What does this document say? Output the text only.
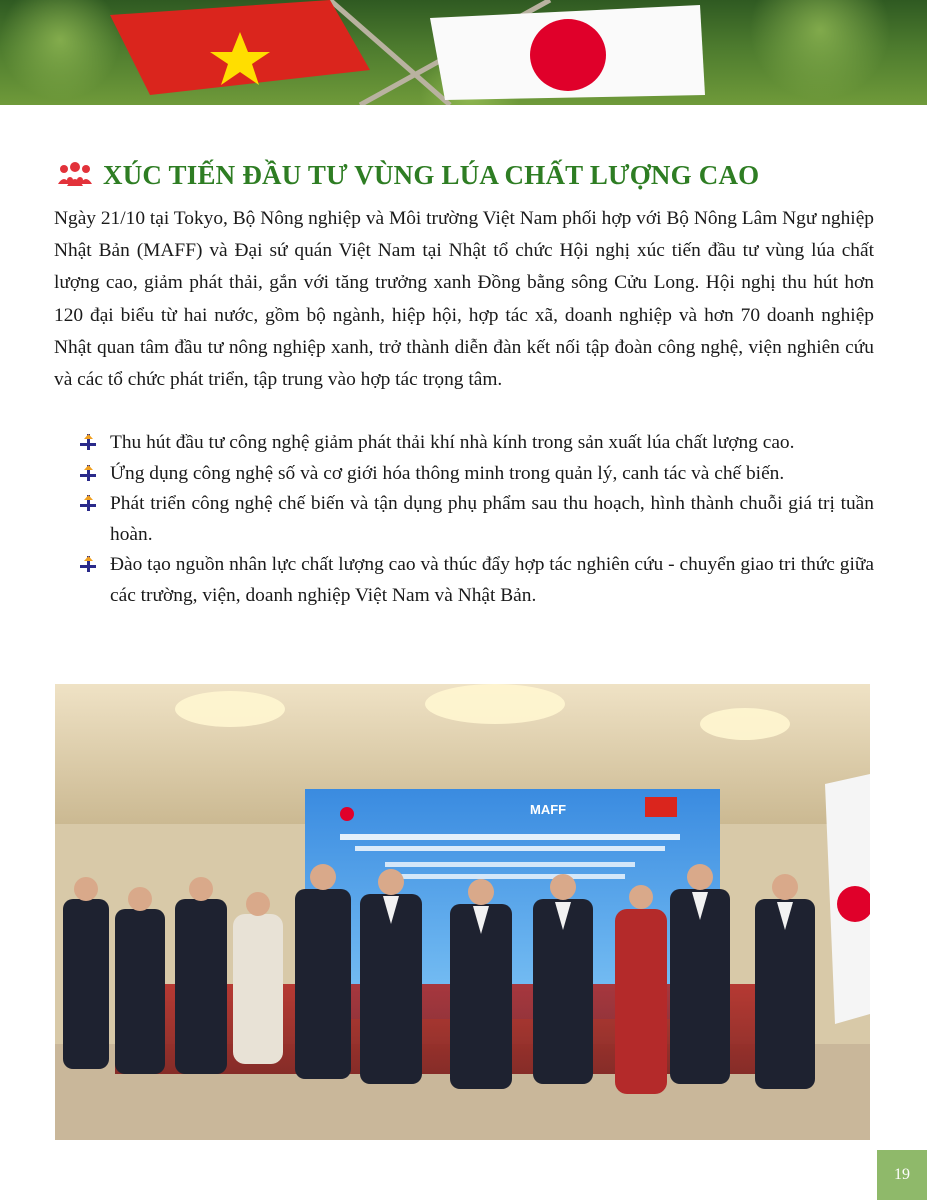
XÚC TIẾN ĐẦU TƯ VÙNG LÚA CHẤT LƯỢNG CAO

Ngày 21/10 tại Tokyo, Bộ Nông nghiệp và Môi trường Việt Nam phối hợp với Bộ Nông Lâm Ngư nghiệp Nhật Bản (MAFF) và Đại sứ quán Việt Nam tại Nhật tổ chức Hội nghị xúc tiến đầu tư vùng lúa chất lượng cao, giảm phát thải, gắn với tăng trưởng xanh Đồng bằng sông Cửu Long. Hội nghị thu hút hơn 120 đại biểu từ hai nước, gồm bộ ngành, hiệp hội, hợp tác xã, doanh nghiệp và hơn 70 doanh nghiệp Nhật quan tâm đầu tư nông nghiệp xanh, trở thành diễn đàn kết nối tập đoàn công nghệ, viện nghiên cứu và các tổ chức phát triển, tập trung vào hợp tác trọng tâm.

Thu hút đầu tư công nghệ giảm phát thải khí nhà kính trong sản xuất lúa chất lượng cao.
Ứng dụng công nghệ số và cơ giới hóa thông minh trong quản lý, canh tác và chế biến.
Phát triển công nghệ chế biến và tận dụng phụ phẩm sau thu hoạch, hình thành chuỗi giá trị tuần hoàn.
Đào tạo nguồn nhân lực chất lượng cao và thúc đẩy hợp tác nghiên cứu - chuyển giao tri thức giữa các trường, viện, doanh nghiệp Việt Nam và Nhật Bản.
MAFF
19
